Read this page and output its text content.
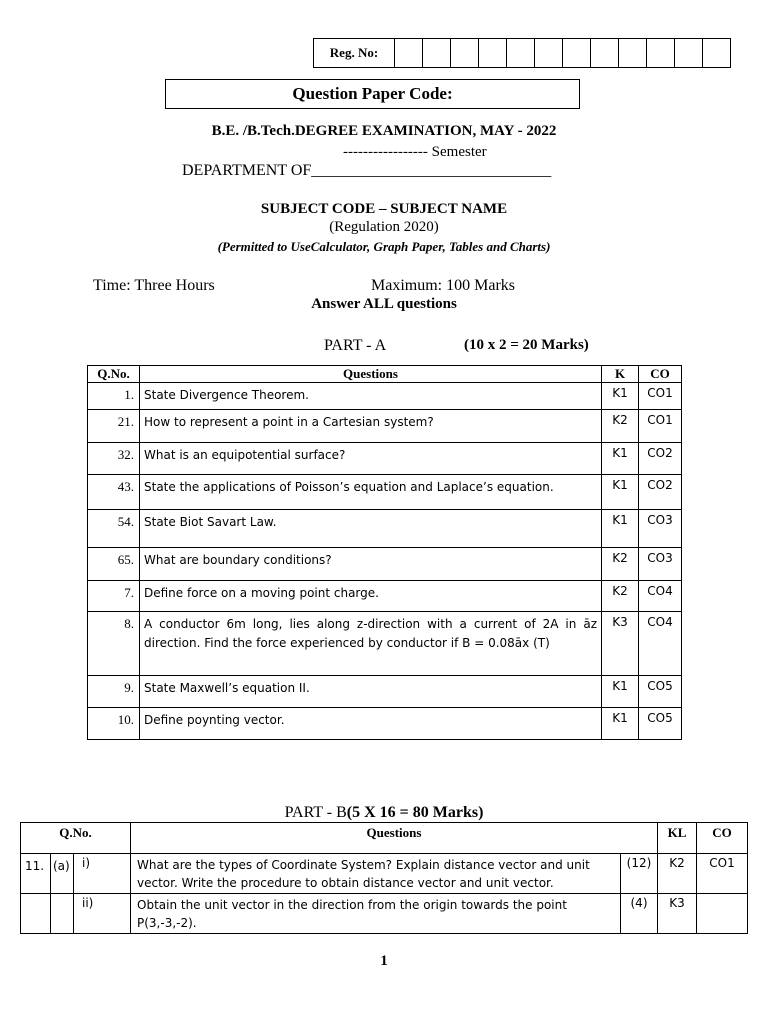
Reg. No:
Question Paper Code:
B.E. /B.Tech.DEGREE EXAMINATION, MAY - 2022
----------------- Semester
DEPARTMENT OF______________________________
SUBJECT CODE – SUBJECT NAME
(Regulation 2020)
(Permitted to UseCalculator, Graph Paper, Tables and Charts)
Time: Three Hours	Maximum: 100 Marks
Answer ALL questions
PART - A	(10 x 2 = 20 Marks)
Q.No.	Questions	K	CO
1.	State Divergence Theorem.	K1	CO1
21.	How to represent a point in a Cartesian system?	K2	CO1
32.	What is an equipotential surface?	K1	CO2
43.	State the applications of Poisson’s equation and Laplace’s equation.	K1	CO2
54.	State Biot Savart Law.	K1	CO3
65.	What are boundary conditions?	K2	CO3
7.	Define force on a moving point charge.	K2	CO4
8.	A conductor 6m long, lies along z-direction with a current of 2A in āz direction. Find the force experienced by conductor if B = 0.08āx (T)	K3	CO4
9.	State Maxwell’s equation II.	K1	CO5
10.	Define poynting vector.	K1	CO5
PART - B(5 X 16 = 80 Marks)
Q.No.			Questions		KL	CO
11.	(a)	i)	What are the types of Coordinate System? Explain distance vector and unit vector. Write the procedure to obtain distance vector and unit vector.	(12)	K2	CO1
		ii)	Obtain the unit vector in the direction from the origin towards the point P(3,-3,-2).	(4)	K3	
1
